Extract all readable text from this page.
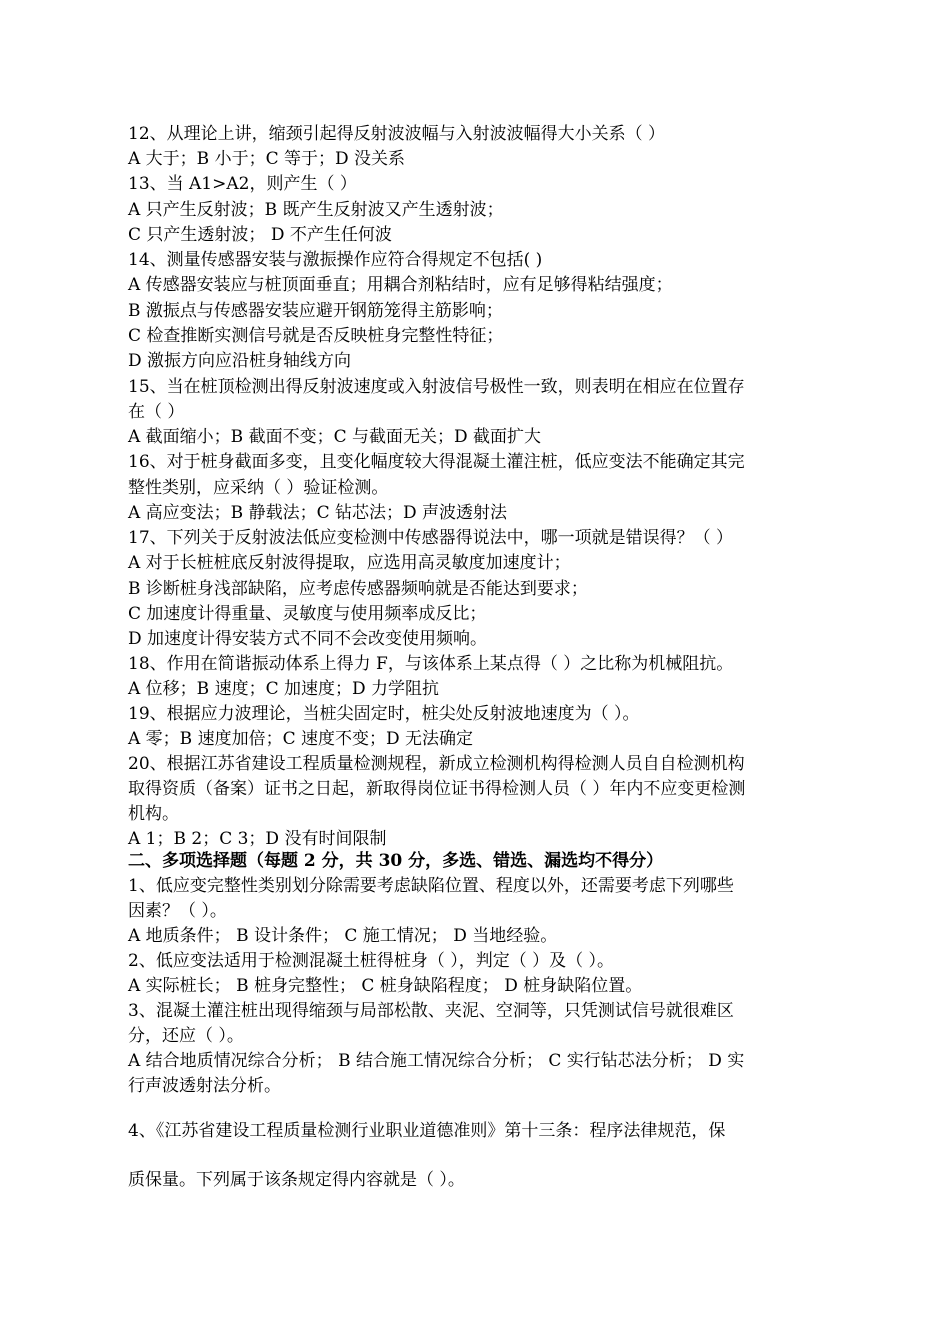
12、从理论上讲，缩颈引起得反射波波幅与入射波波幅得大小关系（ ）
A 大于；B 小于；C 等于；D 没关系
13、当 A1>A2，则产生（ ）
A 只产生反射波；B 既产生反射波又产生透射波；
C 只产生透射波； D 不产生任何波
14、测量传感器安装与激振操作应符合得规定不包括( )
A 传感器安装应与桩顶面垂直；用耦合剂粘结时，应有足够得粘结强度；
B 激振点与传感器安装应避开钢筋笼得主筋影响；
C 检查推断实测信号就是否反映桩身完整性特征；
D 激振方向应沿桩身轴线方向
15、当在桩顶检测出得反射波速度或入射波信号极性一致，则表明在相应在位置存
在（ ）
A 截面缩小；B 截面不变；C 与截面无关；D 截面扩大
16、对于桩身截面多变，且变化幅度较大得混凝土灌注桩，低应变法不能确定其完
整性类别，应采纳（ ）验证检测。
A 高应变法；B 静载法；C 钻芯法；D 声波透射法
17、下列关于反射波法低应变检测中传感器得说法中，哪一项就是错误得？（ ）
A 对于长桩桩底反射波得提取，应选用高灵敏度加速度计；
B 诊断桩身浅部缺陷，应考虑传感器频响就是否能达到要求；
C 加速度计得重量、灵敏度与使用频率成反比；
D 加速度计得安装方式不同不会改变使用频响。
18、作用在简谐振动体系上得力 F，与该体系上某点得（ ）之比称为机械阻抗。
A 位移；B 速度；C 加速度；D 力学阻抗
19、根据应力波理论，当桩尖固定时，桩尖处反射波地速度为（ ）。
A 零；B 速度加倍；C 速度不变；D 无法确定
20、根据江苏省建设工程质量检测规程，新成立检测机构得检测人员自自检测机构
取得资质（备案）证书之日起，新取得岗位证书得检测人员（ ）年内不应变更检测
机构。
A 1；B 2；C 3；D 没有时间限制
二、多项选择题（每题 2 分，共 30 分，多选、错选、漏选均不得分）
1、低应变完整性类别划分除需要考虑缺陷位置、程度以外，还需要考虑下列哪些
因素？（ ）。
A 地质条件； B 设计条件； C 施工情况； D 当地经验。
2、低应变法适用于检测混凝土桩得桩身（ ），判定（ ）及（ ）。
A 实际桩长； B 桩身完整性； C 桩身缺陷程度； D 桩身缺陷位置。
3、混凝土灌注桩出现得缩颈与局部松散、夹泥、空洞等，只凭测试信号就很难区
分，还应（ ）。
A 结合地质情况综合分析； B 结合施工情况综合分析； C 实行钻芯法分析； D 实
行声波透射法分析。
4、《江苏省建设工程质量检测行业职业道德准则》第十三条：程序法律规范，保
质保量。下列属于该条规定得内容就是（ ）。
